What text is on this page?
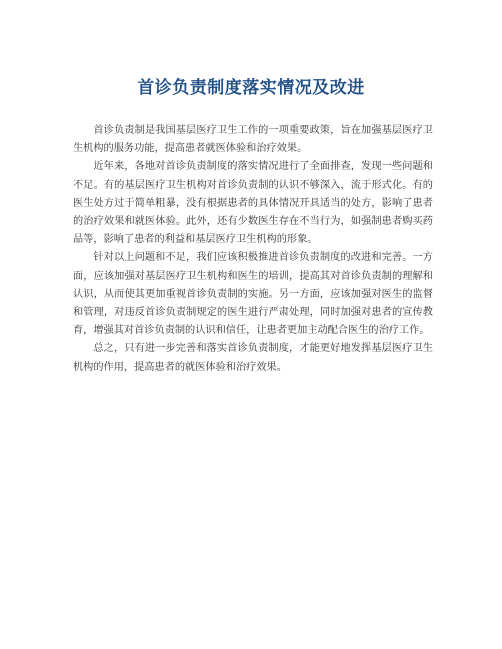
首诊负责制度落实情况及改进

首诊负责制是我国基层医疗卫生工作的一项重要政策，旨在加强基层医疗卫生机构的服务功能，提高患者就医体验和治疗效果。

近年来，各地对首诊负责制度的落实情况进行了全面排查，发现一些问题和不足。有的基层医疗卫生机构对首诊负责制的认识不够深入，流于形式化。有的医生处方过于简单粗暴，没有根据患者的具体情况开具适当的处方，影响了患者的治疗效果和就医体验。此外，还有少数医生存在不当行为，如强制患者购买药品等，影响了患者的利益和基层医疗卫生机构的形象。

针对以上问题和不足，我们应该积极推进首诊负责制度的改进和完善。一方面，应该加强对基层医疗卫生机构和医生的培训，提高其对首诊负责制的理解和认识，从而使其更加重视首诊负责制的实施。另一方面，应该加强对医生的监督和管理，对违反首诊负责制规定的医生进行严肃处理，同时加强对患者的宣传教育，增强其对首诊负责制的认识和信任，让患者更加主动配合医生的治疗工作。

总之，只有进一步完善和落实首诊负责制度，才能更好地发挥基层医疗卫生机构的作用，提高患者的就医体验和治疗效果。
